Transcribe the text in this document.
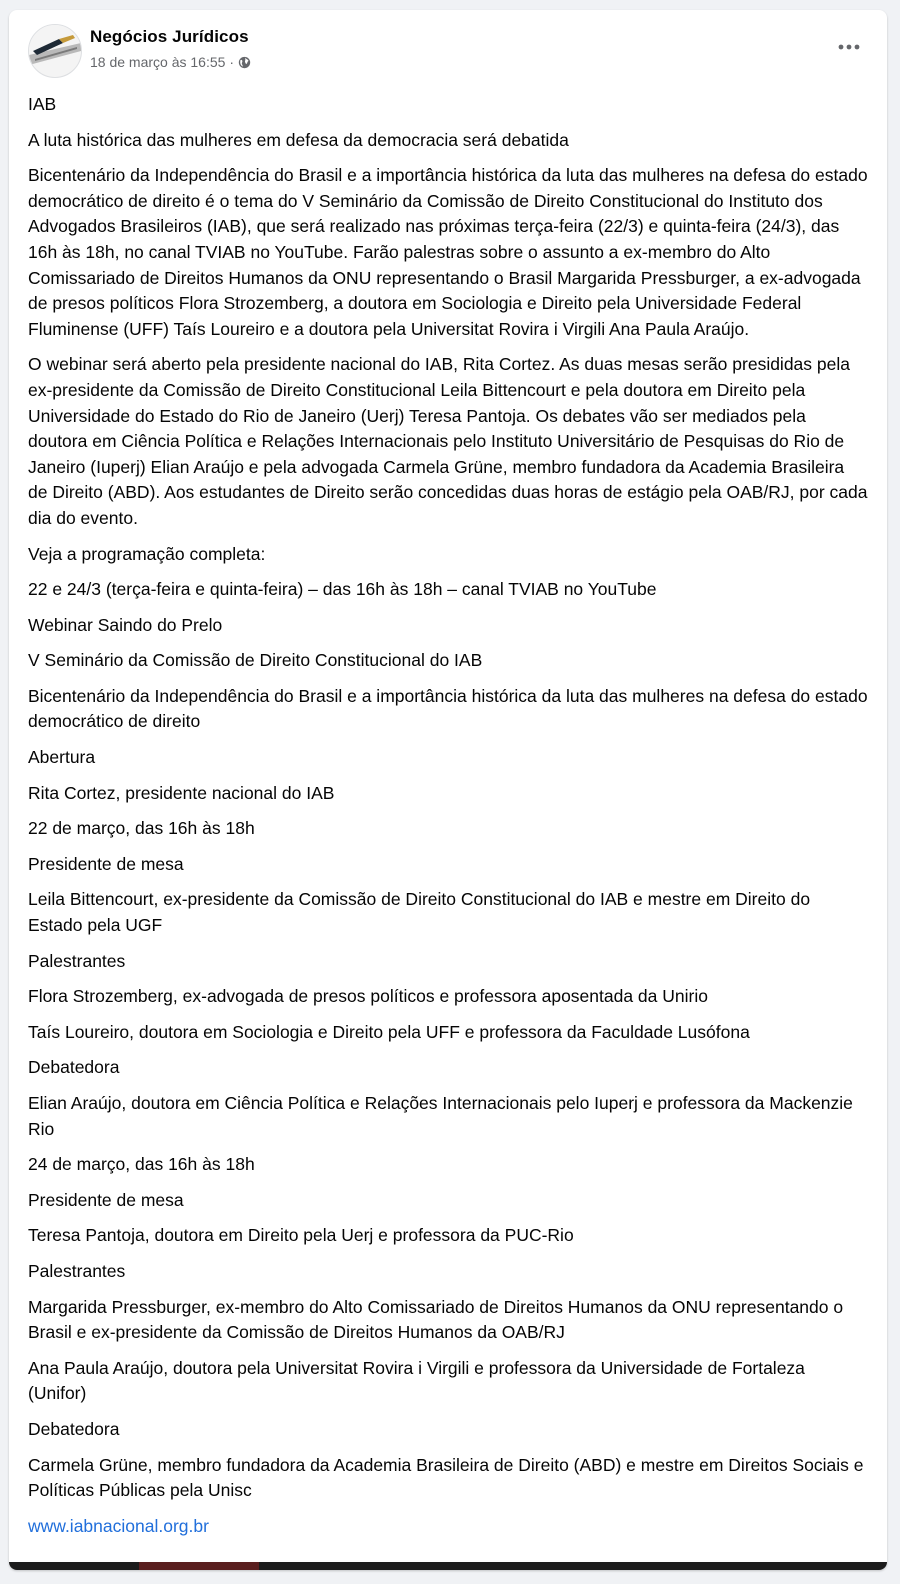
Negócios Jurídicos
18 de março às 16:55 ·

IAB

A luta histórica das mulheres em defesa da democracia será debatida

Bicentenário da Independência do Brasil e a importância histórica da luta das mulheres na defesa do estado democrático de direito é o tema do V Seminário da Comissão de Direito Constitucional do Instituto dos Advogados Brasileiros (IAB), que será realizado nas próximas terça-feira (22/3) e quinta-feira (24/3), das 16h às 18h, no canal TVIAB no YouTube. Farão palestras sobre o assunto a ex-membro do Alto Comissariado de Direitos Humanos da ONU representando o Brasil Margarida Pressburger, a ex-advogada de presos políticos Flora Strozemberg, a doutora em Sociologia e Direito pela Universidade Federal Fluminense (UFF) Taís Loureiro e a doutora pela Universitat Rovira i Virgili Ana Paula Araújo.

O webinar será aberto pela presidente nacional do IAB, Rita Cortez. As duas mesas serão presididas pela ex-presidente da Comissão de Direito Constitucional Leila Bittencourt e pela doutora em Direito pela Universidade do Estado do Rio de Janeiro (Uerj) Teresa Pantoja. Os debates vão ser mediados pela doutora em Ciência Política e Relações Internacionais pelo Instituto Universitário de Pesquisas do Rio de Janeiro (Iuperj) Elian Araújo e pela advogada Carmela Grüne, membro fundadora da Academia Brasileira de Direito (ABD). Aos estudantes de Direito serão concedidas duas horas de estágio pela OAB/RJ, por cada dia do evento.

Veja a programação completa:

22 e 24/3 (terça-feira e quinta-feira) – das 16h às 18h – canal TVIAB no YouTube

Webinar Saindo do Prelo

V Seminário da Comissão de Direito Constitucional do IAB

Bicentenário da Independência do Brasil e a importância histórica da luta das mulheres na defesa do estado democrático de direito

Abertura

Rita Cortez, presidente nacional do IAB

22 de março, das 16h às 18h

Presidente de mesa

Leila Bittencourt, ex-presidente da Comissão de Direito Constitucional do IAB e mestre em Direito do Estado pela UGF

Palestrantes

Flora Strozemberg, ex-advogada de presos políticos e professora aposentada da Unirio

Taís Loureiro, doutora em Sociologia e Direito pela UFF e professora da Faculdade Lusófona

Debatedora

Elian Araújo, doutora em Ciência Política e Relações Internacionais pelo Iuperj e professora da Mackenzie Rio

24 de março, das 16h às 18h

Presidente de mesa

Teresa Pantoja, doutora em Direito pela Uerj e professora da PUC-Rio

Palestrantes

Margarida Pressburger, ex-membro do Alto Comissariado de Direitos Humanos da ONU representando o Brasil e ex-presidente da Comissão de Direitos Humanos da OAB/RJ

Ana Paula Araújo, doutora pela Universitat Rovira i Virgili e professora da Universidade de Fortaleza (Unifor)

Debatedora

Carmela Grüne, membro fundadora da Academia Brasileira de Direito (ABD) e mestre em Direitos Sociais e Políticas Públicas pela Unisc

www.iabnacional.org.br
